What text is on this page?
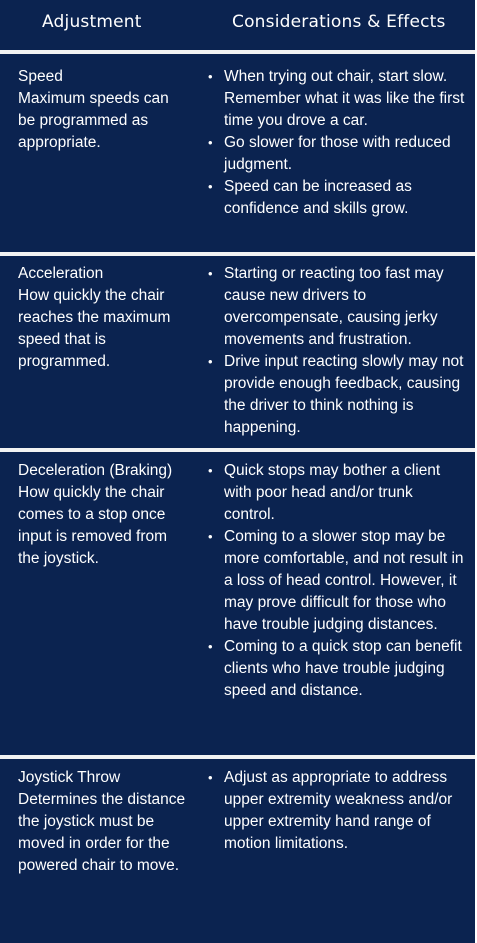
Adjustment	Considerations & Effects
Speed
Maximum speeds can be programmed as appropriate.
• When trying out chair, start slow. Remember what it was like the first time you drove a car.
• Go slower for those with reduced judgment.
• Speed can be increased as confidence and skills grow.
Acceleration
How quickly the chair reaches the maximum speed that is programmed.
• Starting or reacting too fast may cause new drivers to overcompensate, causing jerky movements and frustration.
• Drive input reacting slowly may not provide enough feedback, causing the driver to think nothing is happening.
Deceleration (Braking)
How quickly the chair comes to a stop once input is removed from the joystick.
• Quick stops may bother a client with poor head and/or trunk control.
• Coming to a slower stop may be more comfortable, and not result in a loss of head control. However, it may prove difficult for those who have trouble judging distances.
• Coming to a quick stop can benefit clients who have trouble judging speed and distance.
Joystick Throw
Determines the distance the joystick must be moved in order for the powered chair to move.
• Adjust as appropriate to address upper extremity weakness and/or upper extremity hand range of motion limitations.
